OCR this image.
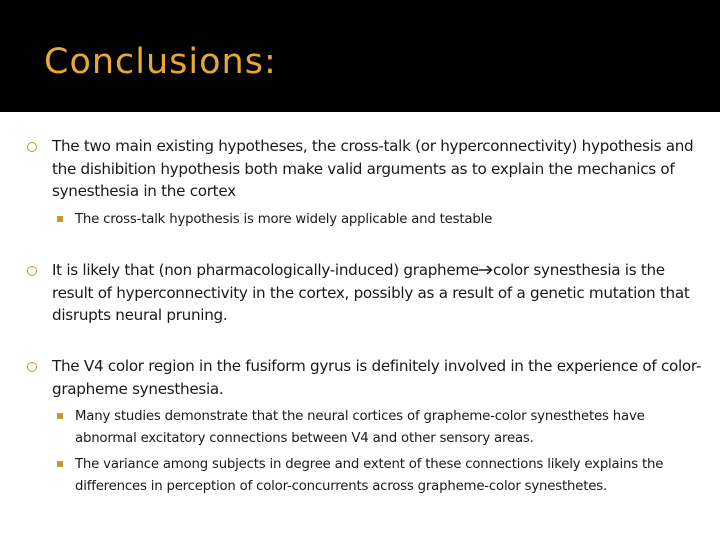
Conclusions:
The two main existing hypotheses, the cross-talk (or hyperconnectivity) hypothesis and the dishibition hypothesis both make valid arguments as to explain the mechanics of synesthesia in the cortex
The cross-talk hypothesis is more widely applicable and testable
It is likely that (non pharmacologically-induced) grapheme color synesthesia is the result of hyperconnectivity in the cortex, possibly as a result of a genetic mutation that disrupts neural pruning.
The V4 color region in the fusiform gyrus is definitely involved in the experience of color-grapheme synesthesia.
Many studies demonstrate that the neural cortices of grapheme-color synesthetes have abnormal excitatory connections between V4 and other sensory areas.
The variance among subjects in degree and extent of these connections likely explains the differences in perception of color-concurrents across grapheme-color synesthetes.
